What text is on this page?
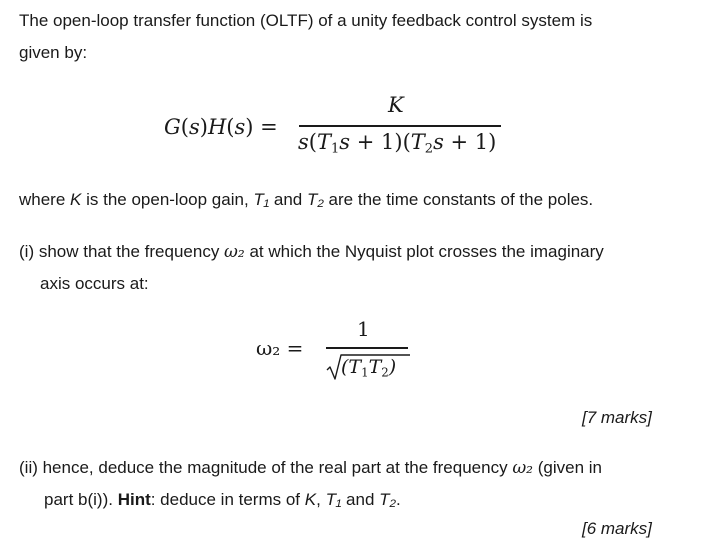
The open-loop transfer function (OLTF) of a unity feedback control system is
given by:
G(s)H(s) =
K
$s(T_1s + 1)(T_2s + 1)$
where K is the open-loop gain, T₁ and T₂ are the time constants of the poles.
(i) show that the frequency ω₂ at which the Nyquist plot crosses the imaginary
axis occurs at:
ω₂ =
1
$(T_1T_2)$
[7 marks]
(ii) hence, deduce the magnitude of the real part at the frequency ω₂ (given in
part b(i)). Hint: deduce in terms of K, T₁ and T₂.
[6 marks]
